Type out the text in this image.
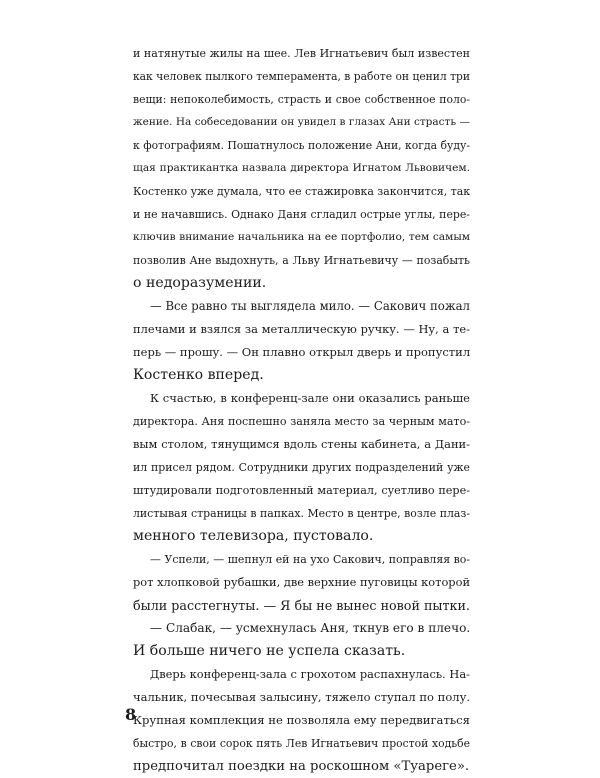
и натянутые жилы на шее. Лев Игнатьевич был известен
как человек пылкого темперамента, в работе он ценил три
вещи: непоколебимость, страсть и свое собственное поло-
жение. На собеседовании он увидел в глазах Ани страсть —
к фотографиям. Пошатнулось положение Ани, когда буду-
щая практикантка назвала директора Игнатом Львовичем.
Костенко уже думала, что ее стажировка закончится, так
и не начавшись. Однако Даня сгладил острые углы, пере-
ключив внимание начальника на ее портфолио, тем самым
позволив Ане выдохнуть, а Льву Игнатьевичу — позабыть
о недоразумении.
— Все равно ты выглядела мило. — Сакович пожал
плечами и взялся за металлическую ручку. — Ну, а те-
перь — прошу. — Он плавно открыл дверь и пропустил
Костенко вперед.
К счастью, в конференц-зале они оказались раньше
директора. Аня поспешно заняла место за черным мато-
вым столом, тянущимся вдоль стены кабинета, а Дани-
ил присел рядом. Сотрудники других подразделений уже
штудировали подготовленный материал, суетливо пере-
листывая страницы в папках. Место в центре, возле плаз-
менного телевизора, пустовало.
— Успели, — шепнул ей на ухо Сакович, поправляя во-
рот хлопковой рубашки, две верхние пуговицы которой
были расстегнуты. — Я бы не вынес новой пытки.
— Слабак, — усмехнулась Аня, ткнув его в плечо.
И больше ничего не успела сказать.
Дверь конференц-зала с грохотом распахнулась. На-
чальник, почесывая залысину, тяжело ступал по полу.
Крупная комплекция не позволяла ему передвигаться
быстро, в свои сорок пять Лев Игнатьевич простой ходьбе
предпочитал поездки на роскошном «Туареге».
8
